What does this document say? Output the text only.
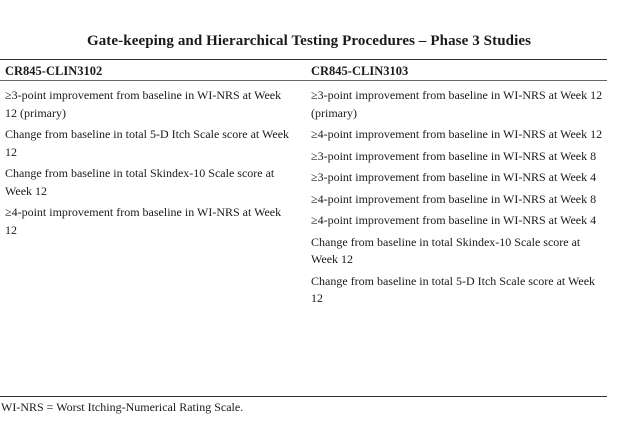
Gate-keeping and Hierarchical Testing Procedures – Phase 3 Studies
CR845-CLIN3102
≥3-point improvement from baseline in WI-NRS at Week 12 (primary)
Change from baseline in total 5-D Itch Scale score at Week 12
Change from baseline in total Skindex-10 Scale score at Week 12
≥4-point improvement from baseline in WI-NRS at Week 12
CR845-CLIN3103
≥3-point improvement from baseline in WI-NRS at Week 12 (primary)
≥4-point improvement from baseline in WI-NRS at Week 12
≥3-point improvement from baseline in WI-NRS at Week 8
≥3-point improvement from baseline in WI-NRS at Week 4
≥4-point improvement from baseline in WI-NRS at Week 8
≥4-point improvement from baseline in WI-NRS at Week 4
Change from baseline in total Skindex-10 Scale score at Week 12
Change from baseline in total 5-D Itch Scale score at Week 12
WI-NRS = Worst Itching-Numerical Rating Scale.
